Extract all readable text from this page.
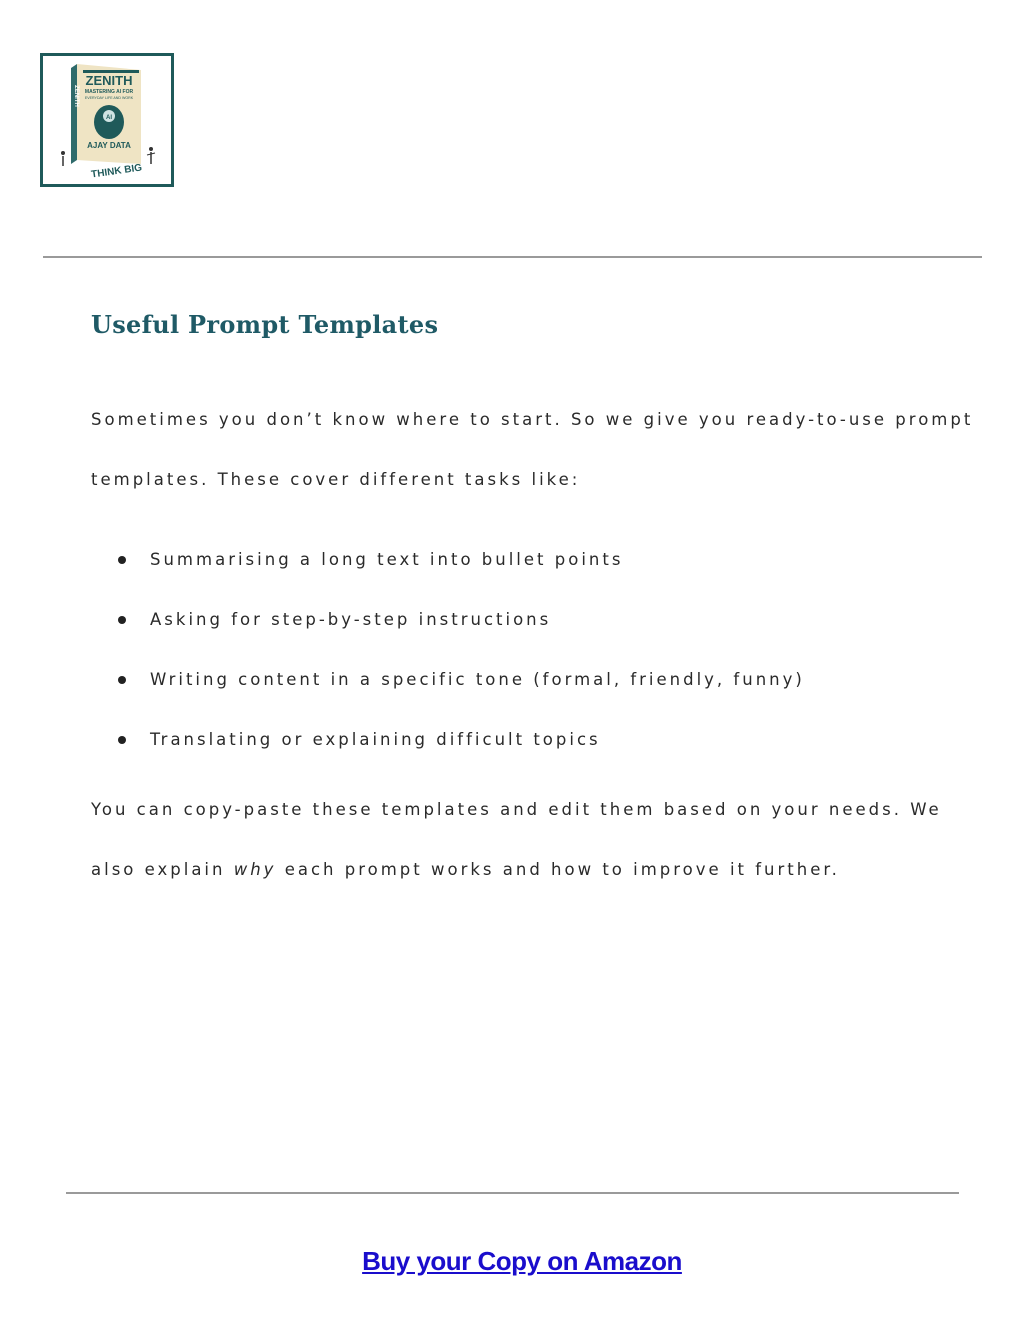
ZENITH
MASTERING AI FOR
EVERYDAY LIFE AND WORK
ZENITH
AI
AJAY DATA
THINK BIG
Useful Prompt Templates

Sometimes you don’t know where to start. So we give you ready-to-use prompt templates. These cover different tasks like:

Summarising a long text into bullet points
Asking for step-by-step instructions
Writing content in a specific tone (formal, friendly, funny)
Translating or explaining difficult topics

You can copy-paste these templates and edit them based on your needs. We also explain why each prompt works and how to improve it further.

Buy your Copy on Amazon
